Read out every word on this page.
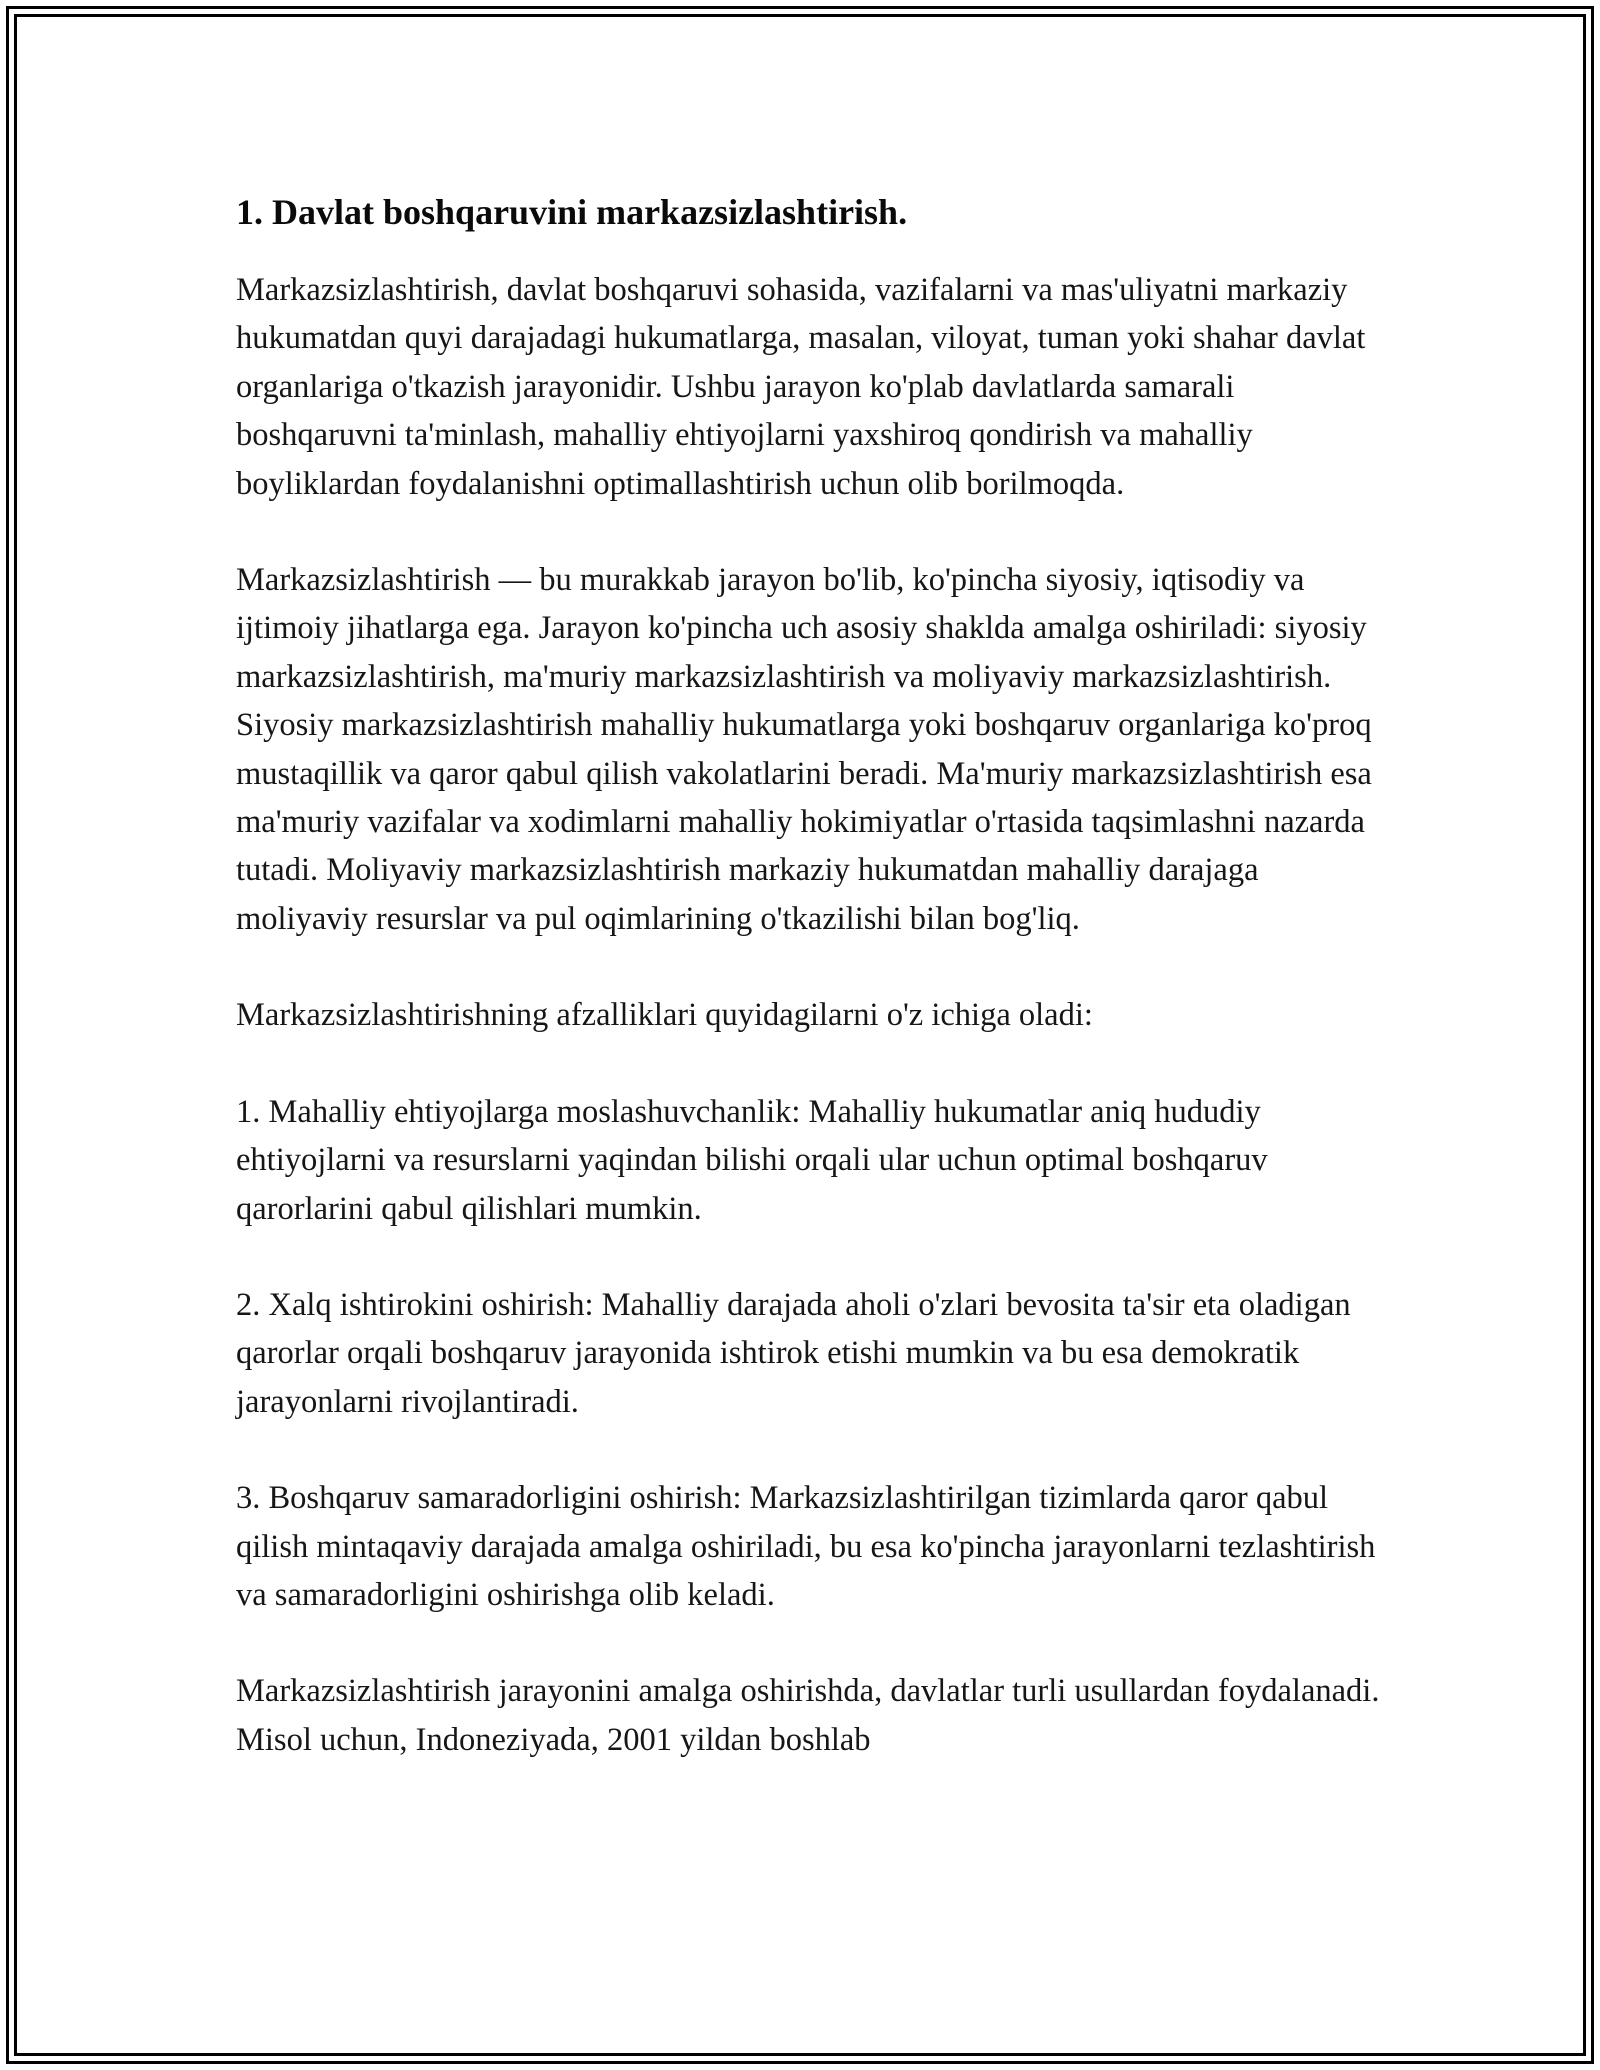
1. Davlat boshqaruvini markazsizlashtirish.

Markazsizlashtirish, davlat boshqaruvi sohasida, vazifalarni va mas'uliyatni markaziy hukumatdan quyi darajadagi hukumatlarga, masalan, viloyat, tuman yoki shahar davlat organlariga o'tkazish jarayonidir. Ushbu jarayon ko'plab davlatlarda samarali boshqaruvni ta'minlash, mahalliy ehtiyojlarni yaxshiroq qondirish va mahalliy boyliklardan foydalanishni optimallashtirish uchun olib borilmoqda.

Markazsizlashtirish — bu murakkab jarayon bo'lib, ko'pincha siyosiy, iqtisodiy va ijtimoiy jihatlarga ega. Jarayon ko'pincha uch asosiy shaklda amalga oshiriladi: siyosiy markazsizlashtirish, ma'muriy markazsizlashtirish va moliyaviy markazsizlashtirish. Siyosiy markazsizlashtirish mahalliy hukumatlarga yoki boshqaruv organlariga ko'proq mustaqillik va qaror qabul qilish vakolatlarini beradi. Ma'muriy markazsizlashtirish esa ma'muriy vazifalar va xodimlarni mahalliy hokimiyatlar o'rtasida taqsimlashni nazarda tutadi. Moliyaviy markazsizlashtirish markaziy hukumatdan mahalliy darajaga moliyaviy resurslar va pul oqimlarining o'tkazilishi bilan bog'liq.

Markazsizlashtirishning afzalliklari quyidagilarni o'z ichiga oladi:

1. Mahalliy ehtiyojlarga moslashuvchanlik: Mahalliy hukumatlar aniq hududiy ehtiyojlarni va resurslarni yaqindan bilishi orqali ular uchun optimal boshqaruv qarorlarini qabul qilishlari mumkin.

2. Xalq ishtirokini oshirish: Mahalliy darajada aholi o'zlari bevosita ta'sir eta oladigan qarorlar orqali boshqaruv jarayonida ishtirok etishi mumkin va bu esa demokratik jarayonlarni rivojlantiradi.

3. Boshqaruv samaradorligini oshirish: Markazsizlashtirilgan tizimlarda qaror qabul qilish mintaqaviy darajada amalga oshiriladi, bu esa ko'pincha jarayonlarni tezlashtirish va samaradorligini oshirishga olib keladi.

Markazsizlashtirish jarayonini amalga oshirishda, davlatlar turli usullardan foydalanadi. Misol uchun, Indoneziyada, 2001 yildan boshlab
